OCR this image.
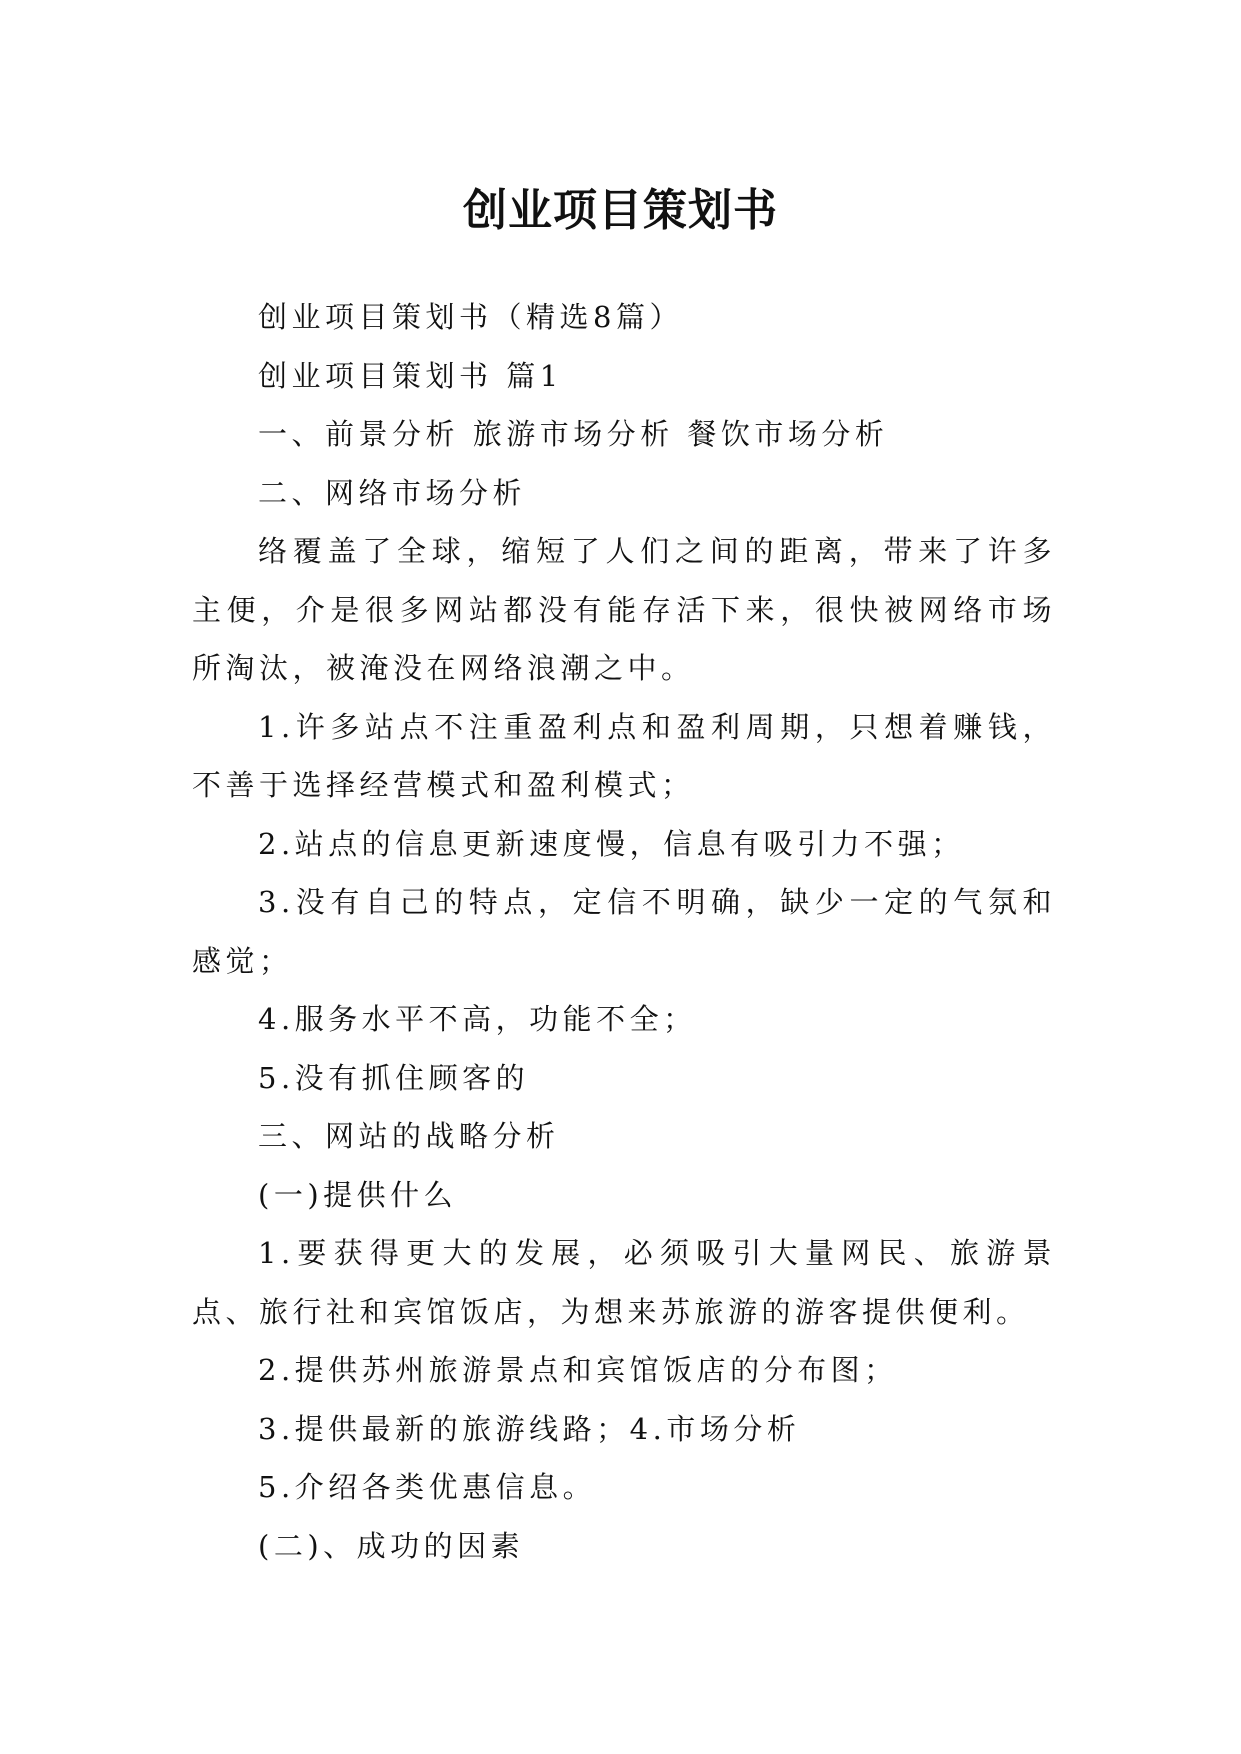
创业项目策划书

创业项目策划书（精选8篇）

创业项目策划书 篇1

一、前景分析 旅游市场分析 餐饮市场分析

二、网络市场分析

络覆盖了全球，缩短了人们之间的距离，带来了许多主便，介是很多网站都没有能存活下来，很快被网络市场所淘汰，被淹没在网络浪潮之中。

1.许多站点不注重盈利点和盈利周期，只想着赚钱，不善于选择经营模式和盈利模式；

2.站点的信息更新速度慢，信息有吸引力不强；

3.没有自己的特点，定信不明确，缺少一定的气氛和感觉；

4.服务水平不高，功能不全；

5.没有抓住顾客的

三、网站的战略分析

(一)提供什么

1.要获得更大的发展，必须吸引大量网民、旅游景点、旅行社和宾馆饭店，为想来苏旅游的游客提供便利。

2.提供苏州旅游景点和宾馆饭店的分布图；

3.提供最新的旅游线路；4.市场分析

5.介绍各类优惠信息。

(二)、成功的因素
